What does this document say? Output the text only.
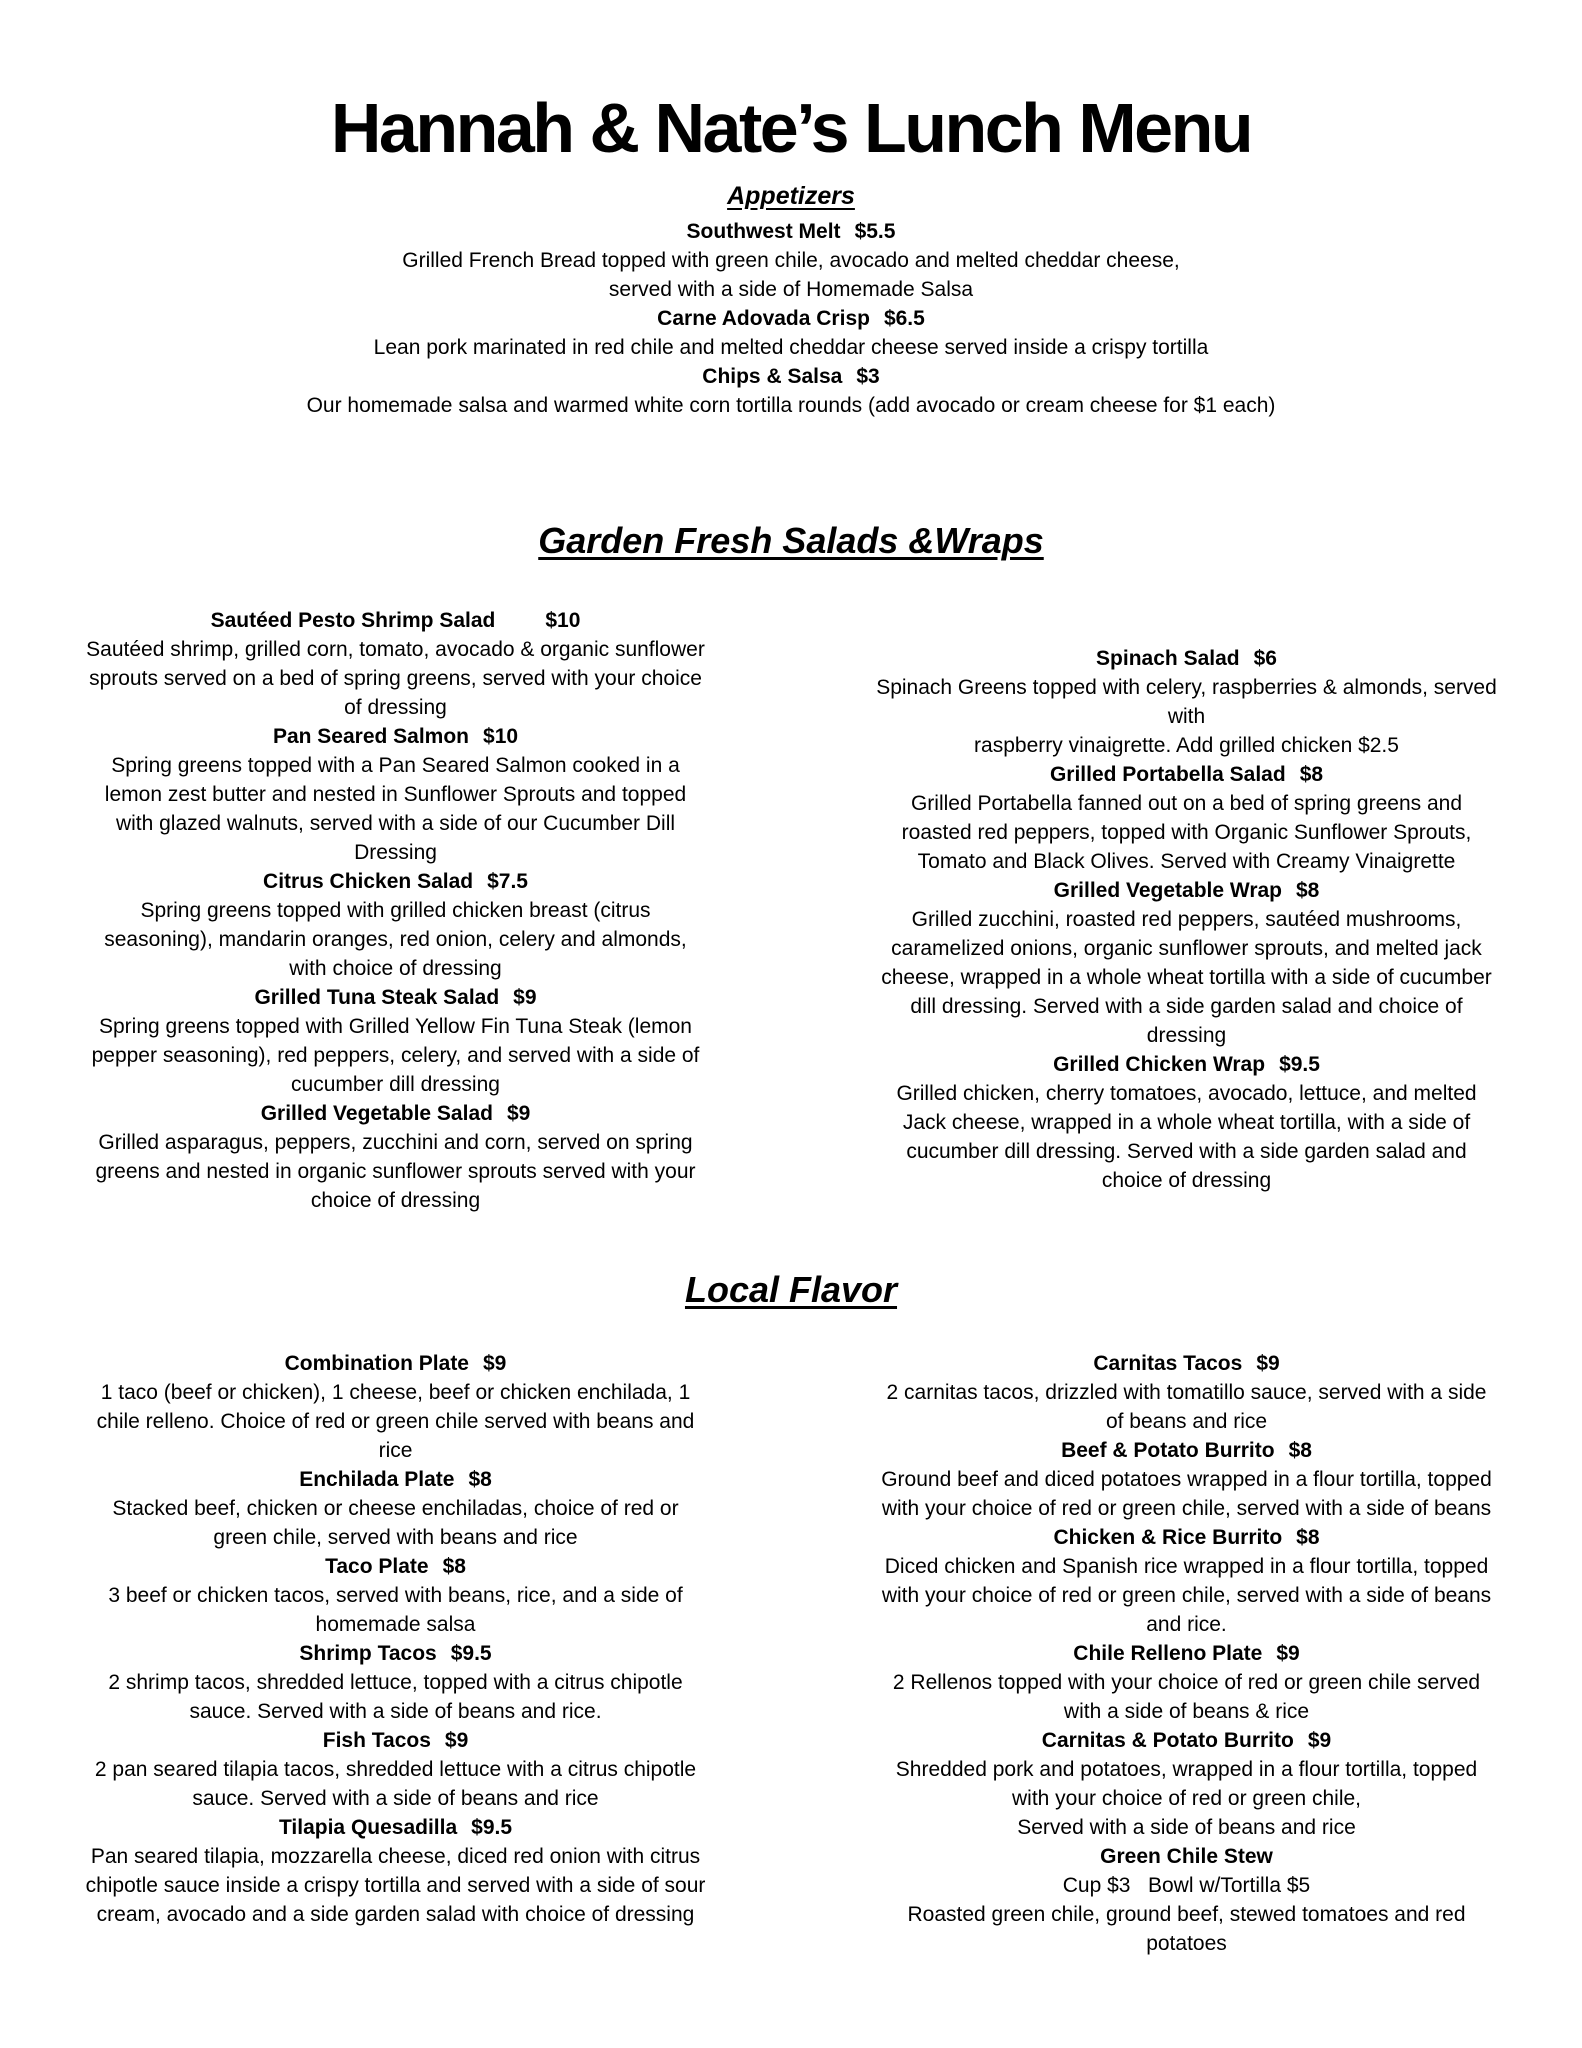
Hannah & Nate’s Lunch Menu
Appetizers
Southwest Melt $5.5
Grilled French Bread topped with green chile, avocado and melted cheddar cheese,
served with a side of Homemade Salsa
Carne Adovada Crisp $6.5
Lean pork marinated in red chile and melted cheddar cheese served inside a crispy tortilla
Chips & Salsa $3
Our homemade salsa and warmed white corn tortilla rounds (add avocado or cream cheese for $1 each)
Garden Fresh Salads &Wraps
Sautéed Pesto Shrimp Salad $10
Sautéed shrimp, grilled corn, tomato, avocado & organic sunflower
sprouts served on a bed of spring greens, served with your choice
of dressing
Pan Seared Salmon $10
Spring greens topped with a Pan Seared Salmon cooked in a
lemon zest butter and nested in Sunflower Sprouts and topped
with glazed walnuts, served with a side of our Cucumber Dill
Dressing
Citrus Chicken Salad $7.5
Spring greens topped with grilled chicken breast (citrus
seasoning), mandarin oranges, red onion, celery and almonds,
with choice of dressing
Grilled Tuna Steak Salad $9
Spring greens topped with Grilled Yellow Fin Tuna Steak (lemon
pepper seasoning), red peppers, celery, and served with a side of
cucumber dill dressing
Grilled Vegetable Salad $9
Grilled asparagus, peppers, zucchini and corn, served on spring
greens and nested in organic sunflower sprouts served with your
choice of dressing
Spinach Salad $6
Spinach Greens topped with celery, raspberries & almonds, served
with
raspberry vinaigrette. Add grilled chicken $2.5
Grilled Portabella Salad $8
Grilled Portabella fanned out on a bed of spring greens and
roasted red peppers, topped with Organic Sunflower Sprouts,
Tomato and Black Olives. Served with Creamy Vinaigrette
Grilled Vegetable Wrap $8
Grilled zucchini, roasted red peppers, sautéed mushrooms,
caramelized onions, organic sunflower sprouts, and melted jack
cheese, wrapped in a whole wheat tortilla with a side of cucumber
dill dressing. Served with a side garden salad and choice of
dressing
Grilled Chicken Wrap $9.5
Grilled chicken, cherry tomatoes, avocado, lettuce, and melted
Jack cheese, wrapped in a whole wheat tortilla, with a side of
cucumber dill dressing. Served with a side garden salad and
choice of dressing
Local Flavor
Combination Plate $9
1 taco (beef or chicken), 1 cheese, beef or chicken enchilada, 1
chile relleno. Choice of red or green chile served with beans and
rice
Enchilada Plate $8
Stacked beef, chicken or cheese enchiladas, choice of red or
green chile, served with beans and rice
Taco Plate $8
3 beef or chicken tacos, served with beans, rice, and a side of
homemade salsa
Shrimp Tacos $9.5
2 shrimp tacos, shredded lettuce, topped with a citrus chipotle
sauce. Served with a side of beans and rice.
Fish Tacos $9
2 pan seared tilapia tacos, shredded lettuce with a citrus chipotle
sauce. Served with a side of beans and rice
Tilapia Quesadilla $9.5
Pan seared tilapia, mozzarella cheese, diced red onion with citrus
chipotle sauce inside a crispy tortilla and served with a side of sour
cream, avocado and a side garden salad with choice of dressing
Carnitas Tacos $9
2 carnitas tacos, drizzled with tomatillo sauce, served with a side
of beans and rice
Beef & Potato Burrito $8
Ground beef and diced potatoes wrapped in a flour tortilla, topped
with your choice of red or green chile, served with a side of beans
Chicken & Rice Burrito $8
Diced chicken and Spanish rice wrapped in a flour tortilla, topped
with your choice of red or green chile, served with a side of beans
and rice.
Chile Relleno Plate $9
2 Rellenos topped with your choice of red or green chile served
with a side of beans & rice
Carnitas & Potato Burrito $9
Shredded pork and potatoes, wrapped in a flour tortilla, topped
with your choice of red or green chile,
Served with a side of beans and rice
Green Chile Stew
Cup $3   Bowl w/Tortilla $5
Roasted green chile, ground beef, stewed tomatoes and red
potatoes
